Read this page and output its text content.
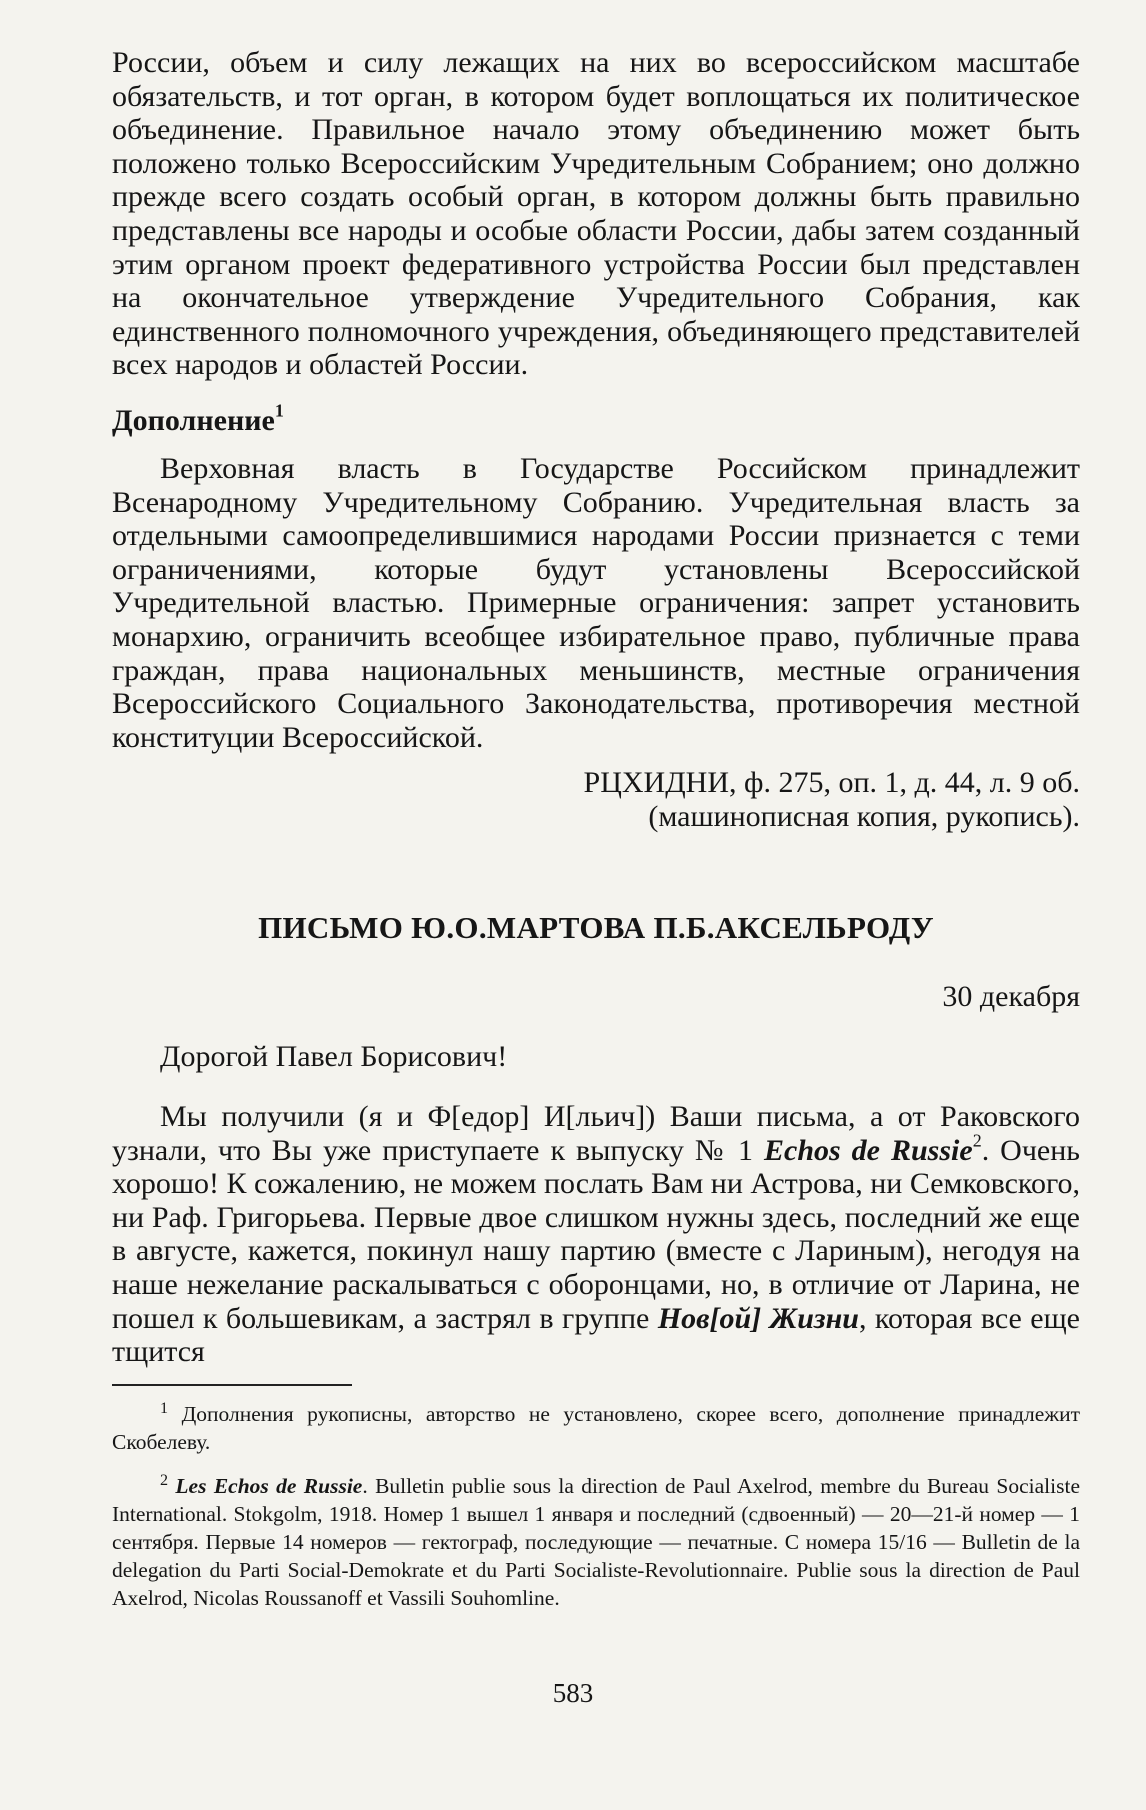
России, объем и силу лежащих на них во всероссийском масштабе обязательств, и тот орган, в котором будет воплощаться их политическое объединение. Правильное начало этому объединению может быть положено только Всероссийским Учредительным Собранием; оно должно прежде всего создать особый орган, в котором должны быть правильно представлены все народы и особые области России, дабы затем созданный этим органом проект федеративного устройства России был представлен на окончательное утверждение Учредительного Собрания, как единственного полномочного учреждения, объединяющего представителей всех народов и областей России.

Дополнение$^1$

Верховная власть в Государстве Российском принадлежит Всенародному Учредительному Собранию. Учредительная власть за отдельными самоопределившимися народами России признается с теми ограничениями, которые будут установлены Всероссийской Учредительной властью. Примерные ограничения: запрет установить монархию, ограничить всеобщее избирательное право, публичные права граждан, права национальных меньшинств, местные ограничения Всероссийского Социального Законодательства, противоречия местной конституции Всероссийской.

РЦХИДНИ, ф. 275, оп. 1, д. 44, л. 9 об.

(машинописная копия, рукопись).

ПИСЬМО Ю.О.МАРТОВА П.Б.АКСЕЛЬРОДУ

30 декабря

Дорогой Павел Борисович!

Мы получили (я и Ф[едор] И[льич]) Ваши письма, а от Раковского узнали, что Вы уже приступаете к выпуску № 1 Echos de Russie$^2$. Очень хорошо! К сожалению, не можем послать Вам ни Астрова, ни Семковского, ни Раф. Григорьева. Первые двое слишком нужны здесь, последний же еще в августе, кажется, покинул нашу партию (вместе с Лариным), негодуя на наше нежелание раскалываться с оборонцами, но, в отличие от Ларина, не пошел к большевикам, а застрял в группе Нов[ой] Жизни, которая все еще тщится

$^1$ Дополнения рукописны, авторство не установлено, скорее всего, дополнение принадлежит Скобелеву.

$^2$ Les Echos de Russie. Bulletin publie sous la direction de Paul Axelrod, membre du Bureau Socialiste International. Stokgolm, 1918. Номер 1 вышел 1 января и последний (сдвоенный) — 20—21-й номер — 1 сентября. Первые 14 номеров — гектограф, последующие — печатные. С номера 15/16 — Bulletin de la delegation du Parti Social-Demokrate et du Parti Socialiste-Revolutionnaire. Publie sous la direction de Paul Axelrod, Nicolas Roussanoff et Vassili Souhomline.

583
